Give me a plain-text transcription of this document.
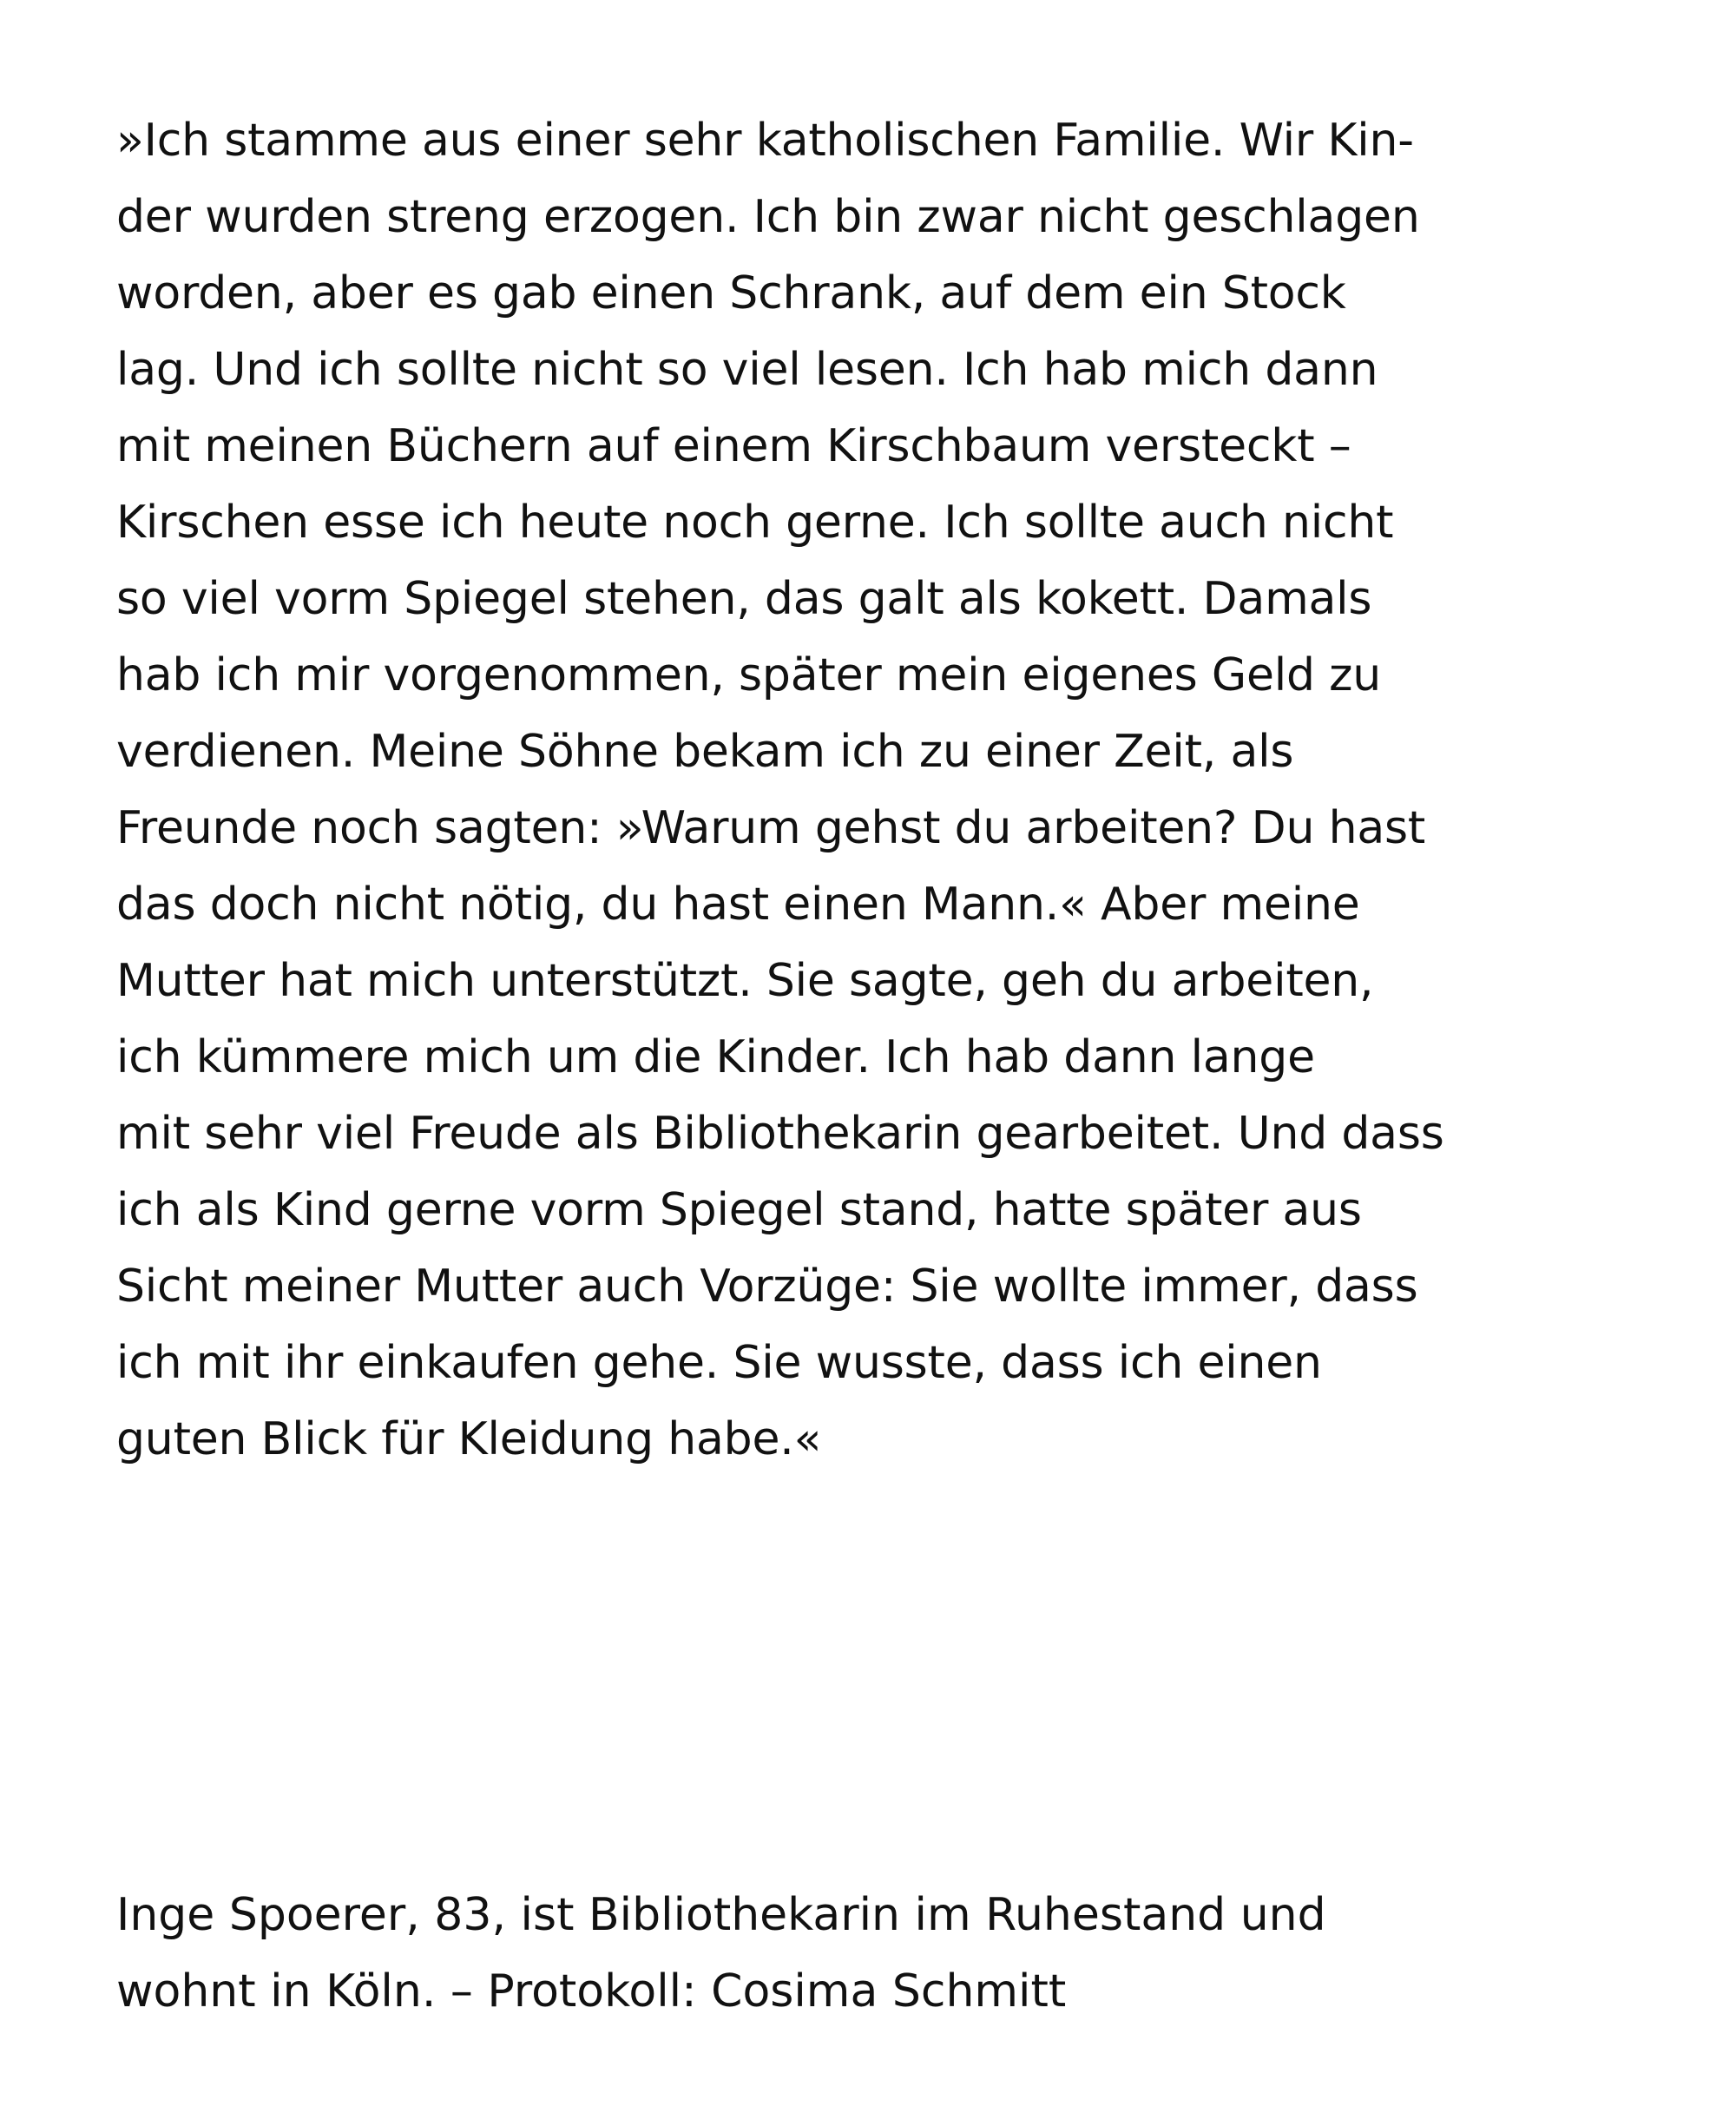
»Ich stamme aus einer sehr katholischen Familie. Wir Kin-
der wurden streng erzogen. Ich bin zwar nicht geschlagen
worden, aber es gab einen Schrank, auf dem ein Stock
lag. Und ich sollte nicht so viel lesen. Ich hab mich dann
mit meinen Büchern auf einem Kirschbaum versteckt –
Kirschen esse ich heute noch gerne. Ich sollte auch nicht
so viel vorm Spiegel stehen, das galt als kokett. Damals
hab ich mir vorgenommen, später mein eigenes Geld zu
verdienen. Meine Söhne bekam ich zu einer Zeit, als
Freunde noch sagten: »Warum gehst du arbeiten? Du hast
das doch nicht nötig, du hast einen Mann.« Aber meine
Mutter hat mich unterstützt. Sie sagte, geh du arbeiten,
ich kümmere mich um die Kinder. Ich hab dann lange
mit sehr viel Freude als Bibliothekarin gearbeitet. Und dass
ich als Kind gerne vorm Spiegel stand, hatte später aus
Sicht meiner Mutter auch Vorzüge: Sie wollte immer, dass
ich mit ihr einkaufen gehe. Sie wusste, dass ich einen
guten Blick für Kleidung habe.«
Inge Spoerer, 83, ist Bibliothekarin im Ruhestand und
wohnt in Köln. – Protokoll: Cosima Schmitt
